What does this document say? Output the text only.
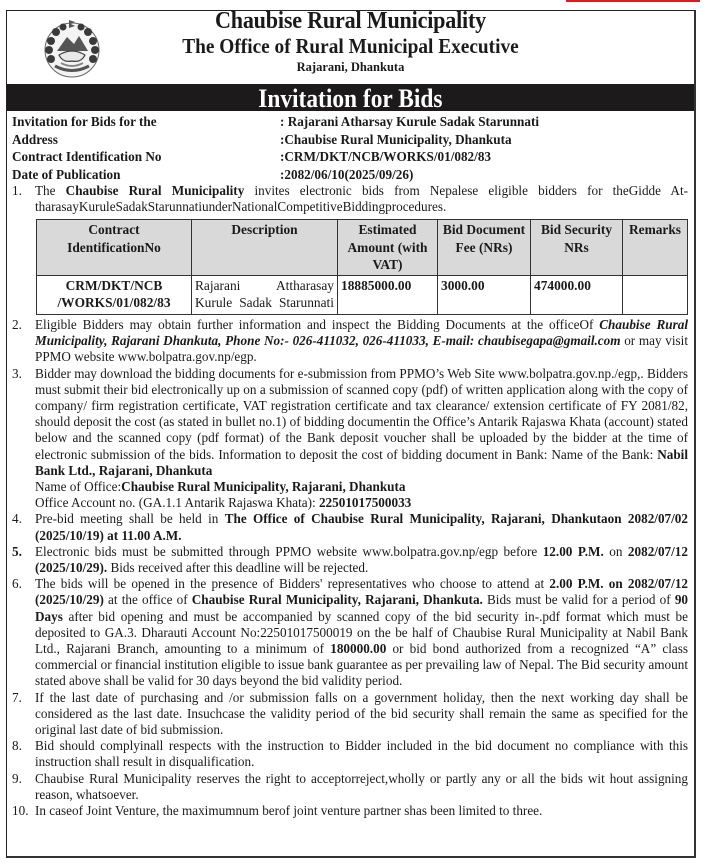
Chaubise Rural Municipality
The Office of Rural Municipal Executive
Rajarani, Dhankuta
Invitation for Bids
Invitation for Bids for the	: Rajarani Atharsay Kurule Sadak Starunnati
Address	:Chaubise Rural Municipality, Dhankuta
Contract Identification No	:CRM/DKT/NCB/WORKS/01/082/83
Date of Publication	:2082/06/10(2025/09/26)
1. The Chaubise Rural Municipality invites electronic bids from Nepalese eligible bidders for theGidde At-tharasayKuruleSadakStarunnatiunderNationalCompetitiveBiddingprocedures.
Contract IdentificationNo	Description	Estimated Amount (with VAT)	Bid Document Fee (NRs)	Bid Security NRs	Remarks
CRM/DKT/NCB /WORKS/01/082/83	Rajarani Attharasay Kurule Sadak Starunnati	18885000.00	3000.00	474000.00	
2. Eligible Bidders may obtain further information and inspect the Bidding Documents at the officeOf Chaubise Rural Municipality, Rajarani Dhankuta, Phone No:- 026-411032, 026-411033, E-mail: chaubisegapa@gmail.com or may visit PPMO website www.bolpatra.gov.np/egp.
3. Bidder may download the bidding documents for e-submission from PPMO’s Web Site www.bolpatra.gov.np./egp,. Bidders must submit their bid electronically up on a submission of scanned copy (pdf) of written application along with the copy of company/ firm registration certificate, VAT registration certificate and tax clearance/ extension certificate of FY 2081/82, should deposit the cost (as stated in bullet no.1) of bidding documentin the Office’s Antarik Rajaswa Khata (account) stated below and the scanned copy (pdf format) of the Bank deposit voucher shall be uploaded by the bidder at the time of electronic submission of the bids. Information to deposit the cost of bidding document in Bank: Name of the Bank: Nabil Bank Ltd., Rajarani, Dhankuta
Name of Office:Chaubise Rural Municipality, Rajarani, Dhankuta
Office Account no. (GA.1.1 Antarik Rajaswa Khata): 22501017500033
4. Pre-bid meeting shall be held in The Office of Chaubise Rural Municipality, Rajarani, Dhankutaon 2082/07/02 (2025/10/19) at 11.00 A.M.
5. Electronic bids must be submitted through PPMO website www.bolpatra.gov.np/egp before 12.00 P.M. on 2082/07/12 (2025/10/29). Bids received after this deadline will be rejected.
6. The bids will be opened in the presence of Bidders' representatives who choose to attend at 2.00 P.M. on 2082/07/12 (2025/10/29) at the office of Chaubise Rural Municipality, Rajarani, Dhankuta. Bids must be valid for a period of 90 Days after bid opening and must be accompanied by scanned copy of the bid security in-.pdf format which must be deposited to GA.3. Dharauti Account No:22501017500019 on the be half of Chaubise Rural Municipality at Nabil Bank Ltd., Rajarani Branch, amounting to a minimum of 180000.00 or bid bond authorized from a recognized “A” class commercial or financial institution eligible to issue bank guarantee as per prevailing law of Nepal. The Bid security amount stated above shall be valid for 30 days beyond the bid validity period.
7. If the last date of purchasing and /or submission falls on a government holiday, then the next working day shall be considered as the last date. Insuchcase the validity period of the bid security shall remain the same as specified for the original last date of bid submission.
8. Bid should complyinall respects with the instruction to Bidder included in the bid document no compliance with this instruction shall result in disqualification.
9. Chaubise Rural Municipality reserves the right to acceptorreject,wholly or partly any or all the bids wit hout assigning reason, whatsoever.
10. In caseof Joint Venture, the maximumnum berof joint venture partner shas been limited to three.
